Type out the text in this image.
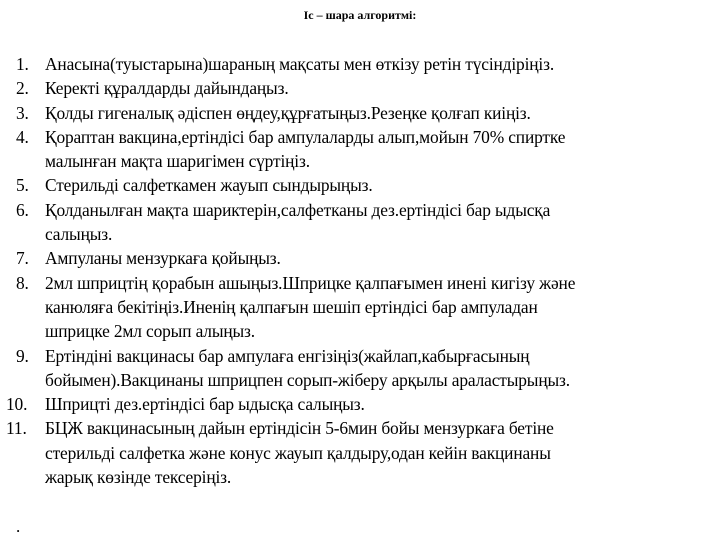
Іс – шара алгоритмі:
1. Анасына(туыстарына)шараның мақсаты мен өткізу ретін түсіндіріңіз.
2. Керекті құралдарды дайындаңыз.
3. Қолды гигеналық әдіспен өңдеу,құрғатыңыз.Резеңке қолғап киіңіз.
4. Қораптан вакцина,ертіндісі бар ампулаларды алып,мойын 70% спиртке
малынған мақта шаригімен сүртіңіз.
5. Стерильді салфеткамен жауып сындырыңыз.
6. Қолданылған мақта шариктерін,салфетканы дез.ертіндісі бар ыдысқа
салыңыз.
7. Ампуланы мензуркаға қойыңыз.
8. 2мл шприцтің қорабын ашыңыз.Шприцке қалпағымен инені кигізу және
канюляға бекітіңіз.Иненің қалпағын шешіп ертіндісі бар ампуладан
шприцке 2мл сорып алыңыз.
9. Ертіндіні вакцинасы бар ампулаға енгізіңіз(жайлап,кабырғасының
бойымен).Вакцинаны шприцпен сорып-жіберу арқылы араластырыңыз.
10. Шприцті дез.ертіндісі бар ыдысқа салыңыз.
11. БЦЖ вакцинасының дайын ертіндісін 5-6мин бойы мензуркаға бетіне
стерильді салфетка және конус жауып қалдыру,одан кейін вакцинаны
жарық көзінде тексеріңіз.
.
